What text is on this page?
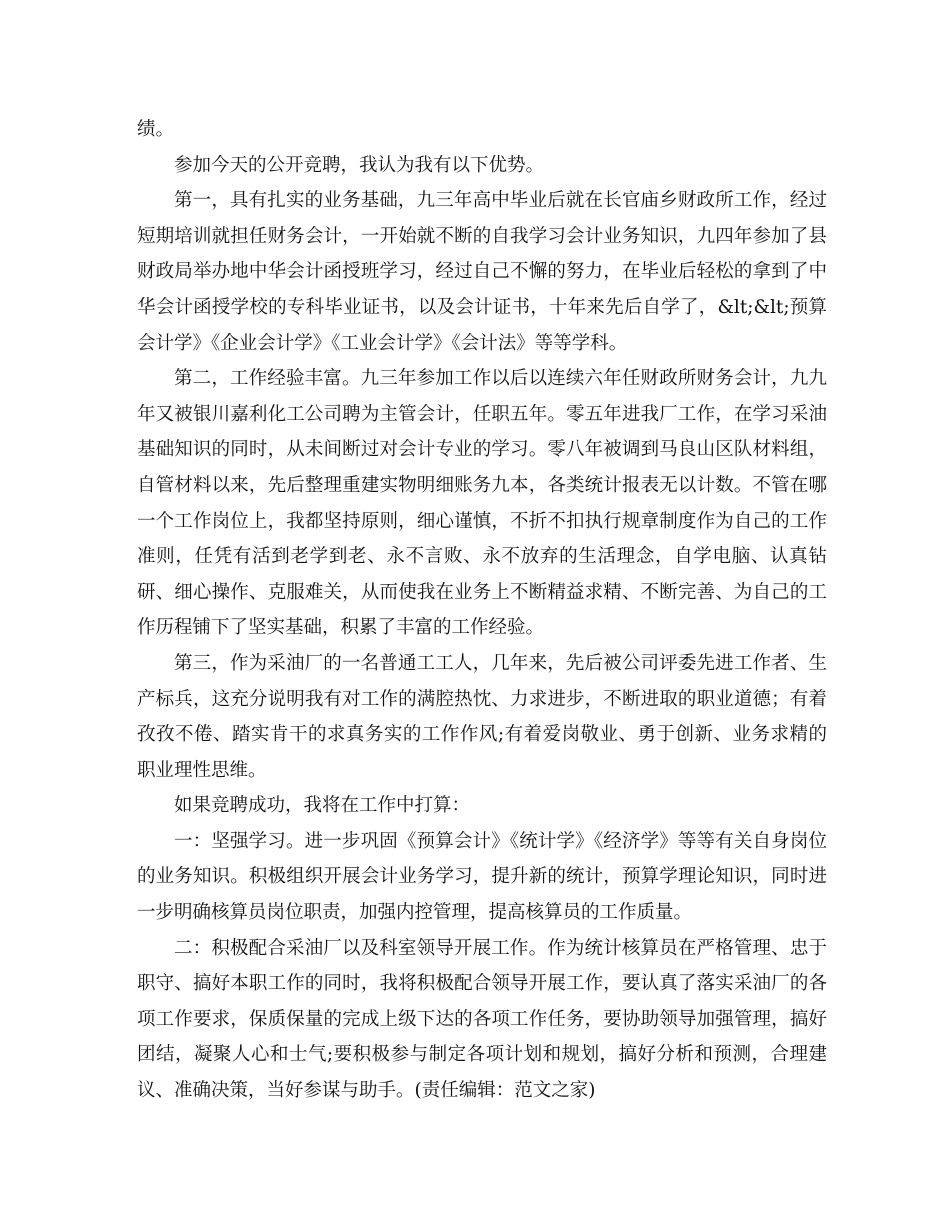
绩。

参加今天的公开竞聘，我认为我有以下优势。

第一，具有扎实的业务基础，九三年高中毕业后就在长官庙乡财政所工作，经过短期培训就担任财务会计，一开始就不断的自我学习会计业务知识，九四年参加了县财政局举办地中华会计函授班学习，经过自己不懈的努力，在毕业后轻松的拿到了中华会计函授学校的专科毕业证书，以及会计证书，十年来先后自学了，&lt;&lt;预算会计学》《企业会计学》《工业会计学》《会计法》等等学科。

第二，工作经验丰富。九三年参加工作以后以连续六年任财政所财务会计，九九年又被银川嘉利化工公司聘为主管会计，任职五年。零五年进我厂工作，在学习采油基础知识的同时，从未间断过对会计专业的学习。零八年被调到马良山区队材料组，自管材料以来，先后整理重建实物明细账务九本，各类统计报表无以计数。不管在哪一个工作岗位上，我都坚持原则，细心谨慎，不折不扣执行规章制度作为自己的工作准则，任凭有活到老学到老、永不言败、永不放弃的生活理念，自学电脑、认真钻研、细心操作、克服难关，从而使我在业务上不断精益求精、不断完善、为自己的工作历程铺下了坚实基础，积累了丰富的工作经验。

第三，作为采油厂的一名普通工工人，几年来，先后被公司评委先进工作者、生产标兵，这充分说明我有对工作的满腔热忱、力求进步，不断进取的职业道德；有着孜孜不倦、踏实肯干的求真务实的工作作风;有着爱岗敬业、勇于创新、业务求精的职业理性思维。

如果竞聘成功，我将在工作中打算：

一：坚强学习。进一步巩固《预算会计》《统计学》《经济学》等等有关自身岗位的业务知识。积极组织开展会计业务学习，提升新的统计，预算学理论知识，同时进一步明确核算员岗位职责，加强内控管理，提高核算员的工作质量。

二：积极配合采油厂以及科室领导开展工作。作为统计核算员在严格管理、忠于职守、搞好本职工作的同时，我将积极配合领导开展工作，要认真了落实采油厂的各项工作要求，保质保量的完成上级下达的各项工作任务，要协助领导加强管理，搞好团结，凝聚人心和士气;要积极参与制定各项计划和规划，搞好分析和预测，合理建议、准确决策，当好参谋与助手。(责任编辑：范文之家)
